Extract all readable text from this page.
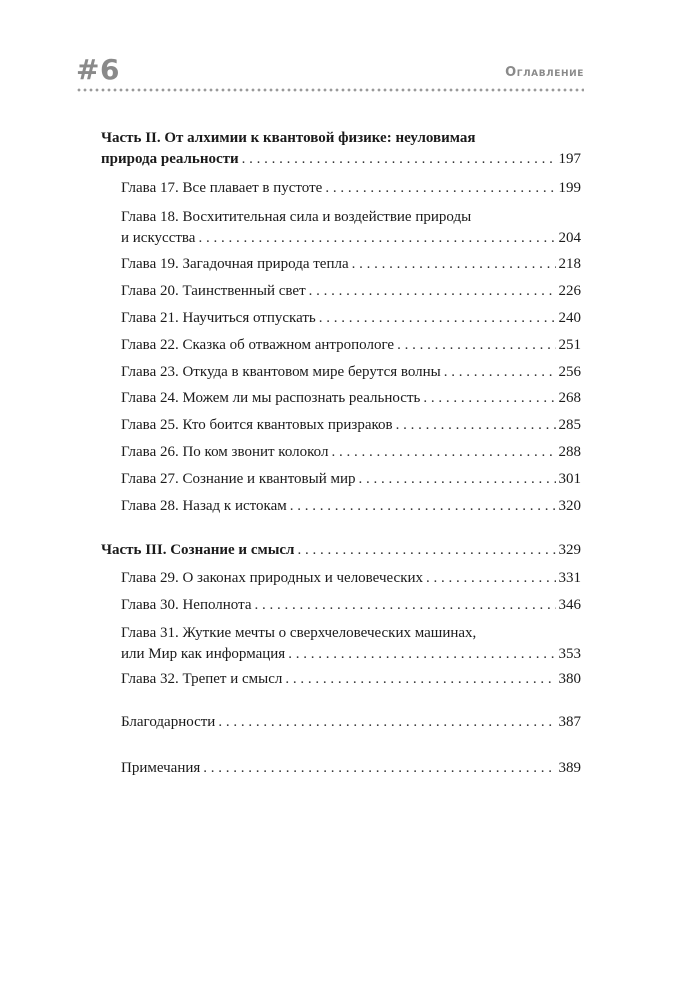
#6	Оглавление
Часть II. От алхимии к квантовой физике: неуловимая
природа реальности . . .	197
Глава 17. Все плавает в пустоте . . .	199
Глава 18. Восхитительная сила и воздействие природы
и искусства . . .	204
Глава 19. Загадочная природа тепла . . .	218
Глава 20. Таинственный свет . . .	226
Глава 21. Научиться отпускать . . .	240
Глава 22. Сказка об отважном антропологе . . .	251
Глава 23. Откуда в квантовом мире берутся волны . . .	256
Глава 24. Можем ли мы распознать реальность . . .	268
Глава 25. Кто боится квантовых призраков . . .	285
Глава 26. По ком звонит колокол . . .	288
Глава 27. Сознание и квантовый мир . . .	301
Глава 28. Назад к истокам . . .	320
Часть III. Сознание и смысл . . .	329
Глава 29. О законах природных и человеческих . . .	331
Глава 30. Неполнота . . .	346
Глава 31. Жуткие мечты о сверхчеловеческих машинах,
или Мир как информация . . .	353
Глава 32. Трепет и смысл . . .	380
Благодарности . . .	387
Примечания . . .	389
